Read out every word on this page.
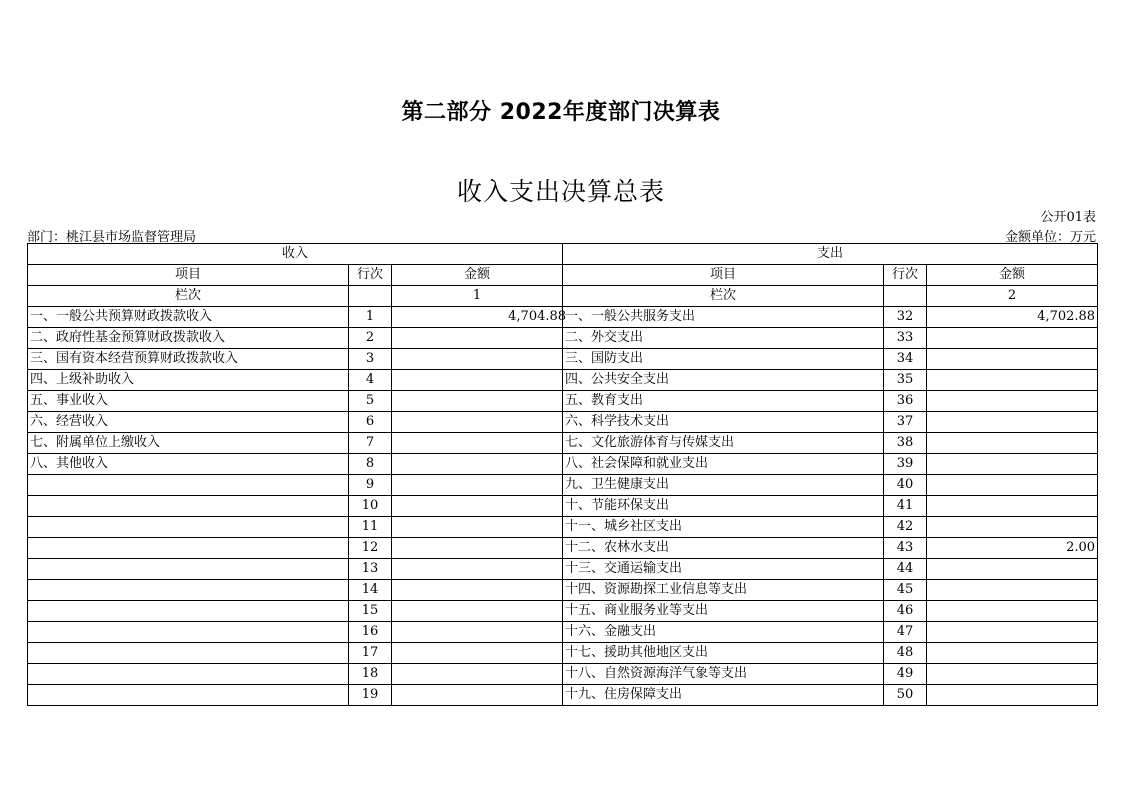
第二部分 2022年度部门决算表
收入支出决算总表
公开01表
部门：桃江县市场监督管理局	金额单位：万元
收入			支出		
项目	行次	金额	项目	行次	金额
栏次		1	栏次		2
一、一般公共预算财政拨款收入	1	4,704.88	一、一般公共服务支出	32	4,702.88
二、政府性基金预算财政拨款收入	2		二、外交支出	33	
三、国有资本经营预算财政拨款收入	3		三、国防支出	34	
四、上级补助收入	4		四、公共安全支出	35	
五、事业收入	5		五、教育支出	36	
六、经营收入	6		六、科学技术支出	37	
七、附属单位上缴收入	7		七、文化旅游体育与传媒支出	38	
八、其他收入	8		八、社会保障和就业支出	39	
	9		九、卫生健康支出	40	
	10		十、节能环保支出	41	
	11		十一、城乡社区支出	42	
	12		十二、农林水支出	43	2.00
	13		十三、交通运输支出	44	
	14		十四、资源勘探工业信息等支出	45	
	15		十五、商业服务业等支出	46	
	16		十六、金融支出	47	
	17		十七、援助其他地区支出	48	
	18		十八、自然资源海洋气象等支出	49	
	19		十九、住房保障支出	50	
